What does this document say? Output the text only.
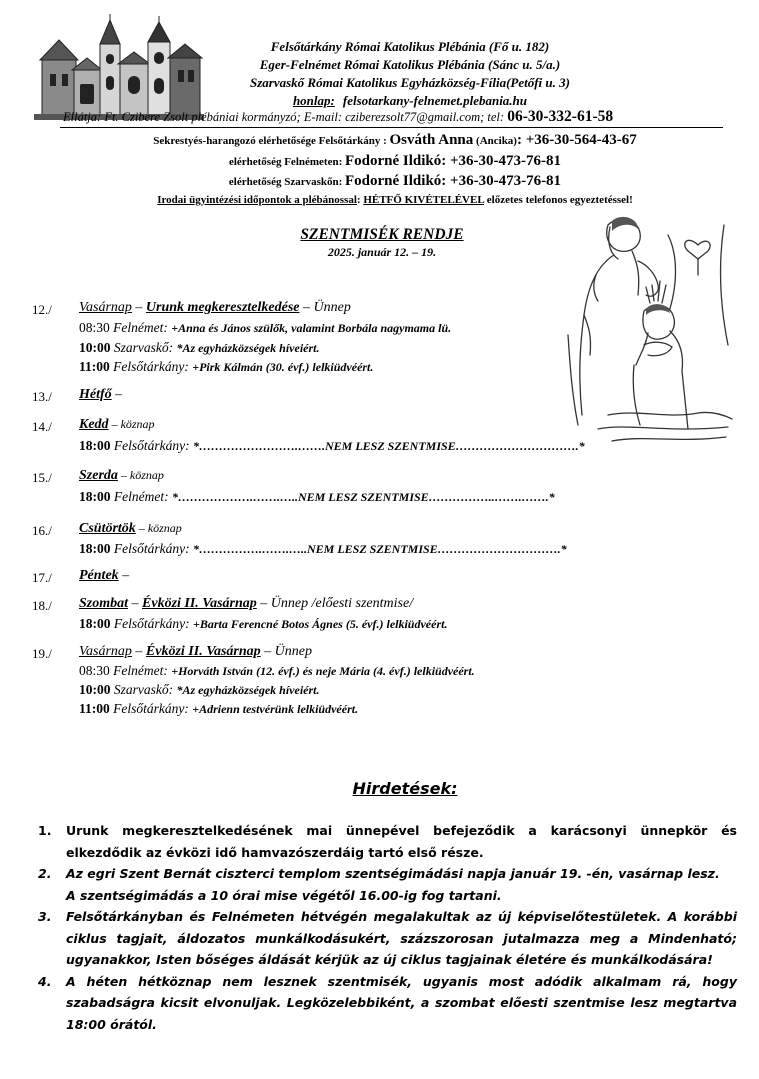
Felsőtárkány Római Katolikus Plébánia (Fő u. 182)
Eger-Felnémet Római Katolikus Plébánia (Sánc u. 5/a.)
Szarvaskő Római Katolikus Egyházközség-Fília(Petőfi u. 3)
honlap: felsotarkany-felnemet.plebania.hu
Ellátja: Ft. Czibere Zsolt plébániai kormányzó; E-mail: cziberezsolt77@gmail.com; tel: 06-30-332-61-58
Sekrestyés-harangozó elérhetősége Felsőtárkány : Osváth Anna (Ancika): +36-30-564-43-67
elérhetőség Felnémeten: Fodorné Ildikó: +36-30-473-76-81
elérhetőség Szarvaskőn: Fodorné Ildikó: +36-30-473-76-81
Irodai ügyintézési időpontok a plébánossal: HÉTFŐ KIVÉTELÉVEL előzetes telefonos egyeztetéssel!
SZENTMISÉK RENDJE
2025. január 12. – 19.
12./ Vasárnap – Urunk megkeresztelkedése – Ünnep
08:30 Felnémet: +Anna és János szülők, valamint Borbála nagymama lü.
10:00 Szarvaskő: *Az egyházközségek híveiért.
11:00 Felsőtárkány: +Pirk Kálmán (30. évf.) lelkiüdvéért.
13./ Hétfő –
14./ Kedd – köznap
18:00 Felsőtárkány: *…………………….…….NEM LESZ SZENTMISE………………………….*
15./ Szerda – köznap
18:00 Felnémet: *……………….…….…..NEM LESZ SZENTMISE……………..…….…….*
16./ Csütörtök – köznap
18:00 Felsőtárkány: *…………….…….…..NEM LESZ SZENTMISE………………………….*
17./ Péntek –
18./ Szombat – Évközi II. Vasárnap – Ünnep /előesti szentmise/
18:00 Felsőtárkány: +Barta Ferencné Botos Ágnes (5. évf.) lelkiüdvéért.
19./ Vasárnap – Évközi II. Vasárnap – Ünnep
08:30 Felnémet: +Horváth István (12. évf.) és neje Mária (4. évf.) lelkiüdvéért.
10:00 Szarvaskő: *Az egyházközségek híveiért.
11:00 Felsőtárkány: +Adrienn testvérünk lelkiüdvéért.
Hirdetések:
1. Urunk megkeresztelkedésének mai ünnepével befejeződik a karácsonyi ünnepkör és elkezdődik az évközi idő hamvazószerdáig tartó első része.
2. Az egri Szent Bernát ciszterci templom szentségimádási napja január 19. -én, vasárnap lesz.
A szentségimádás a 10 órai mise végétől 16.00-ig fog tartani.
3. Felsőtárkányban és Felnémeten hétvégén megalakultak az új képviselőtestületek. A korábbi ciklus tagjait, áldozatos munkálkodásukért, százszorosan jutalmazza meg a Mindenható; ugyanakkor, Isten bőséges áldását kérjük az új ciklus tagjainak életére és munkálkodására!
4. A héten hétköznap nem lesznek szentmisék, ugyanis most adódik alkalmam rá, hogy szabadságra kicsit elvonuljak. Legközelebbiként, a szombat előesti szentmise lesz megtartva 18:00 órától.
